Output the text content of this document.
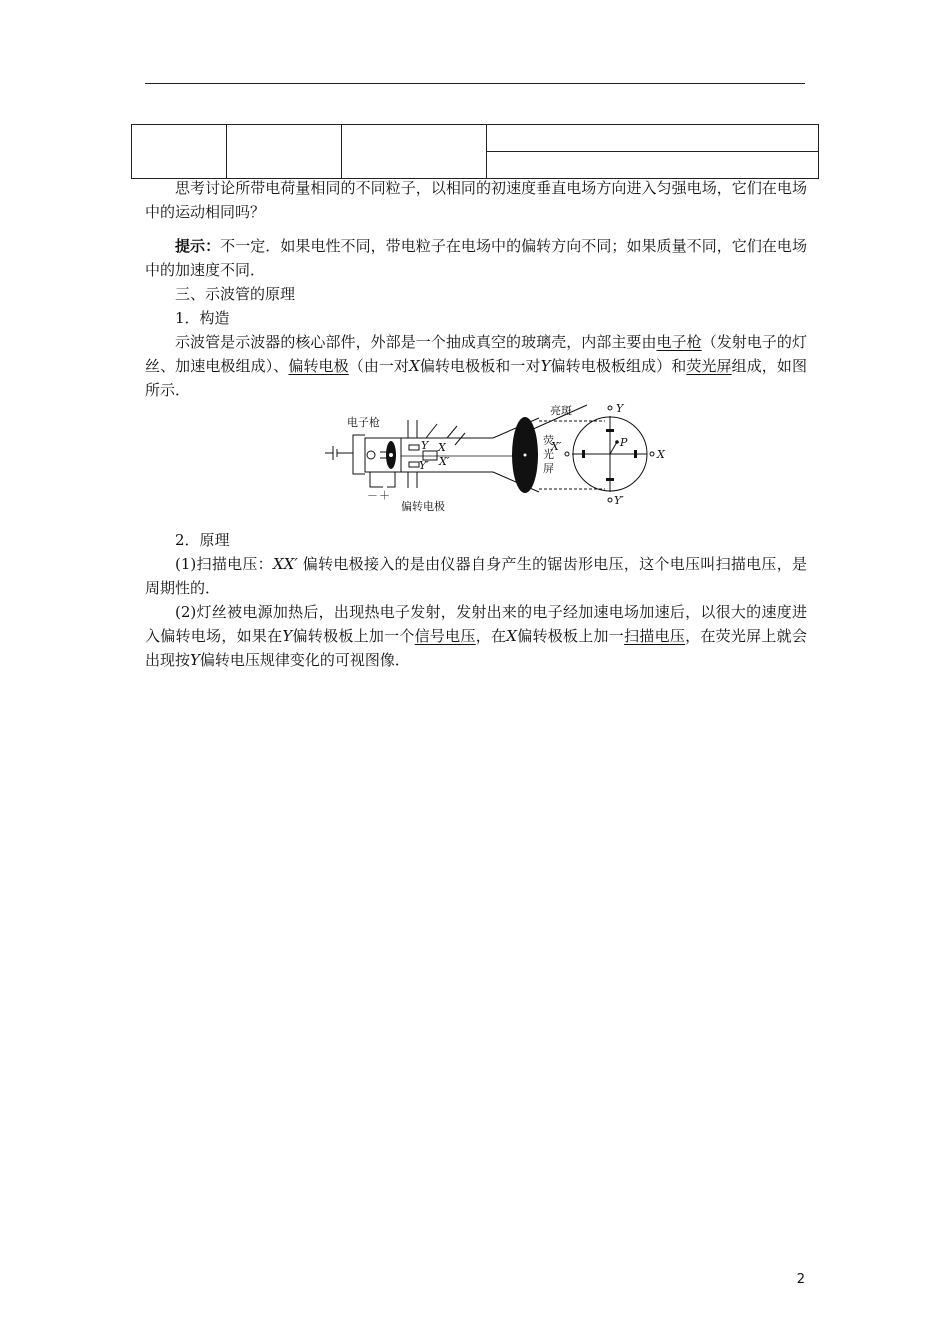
思考讨论所带电荷量相同的不同粒子，以相同的初速度垂直电场方向进入匀强电场，它们在电场中的运动相同吗？

提示：不一定．如果电性不同，带电粒子在电场中的偏转方向不同；如果质量不同，它们在电场中的加速度不同．

三、示波管的原理

1．构造

示波管是示波器的核心部件，外部是一个抽成真空的玻璃壳，内部主要由电子枪（发射电子的灯丝、加速电极组成）、偏转电极（由一对X偏转电极板和一对Y偏转电极板组成）和荧光屏组成，如图所示．

电子枪
偏转电极
荧
光
屏
亮斑
－ ＋
Y
Y′
X
X′
Y
Y′
X′
X
P

2．原理

(1)扫描电压：XX′ 偏转电极接入的是由仪器自身产生的锯齿形电压，这个电压叫扫描电压，是周期性的．

(2)灯丝被电源加热后，出现热电子发射，发射出来的电子经加速电场加速后，以很大的速度进入偏转电场，如果在Y偏转极板上加一个信号电压，在X偏转极板上加一扫描电压，在荧光屏上就会出现按Y偏转电压规律变化的可视图像．

2
